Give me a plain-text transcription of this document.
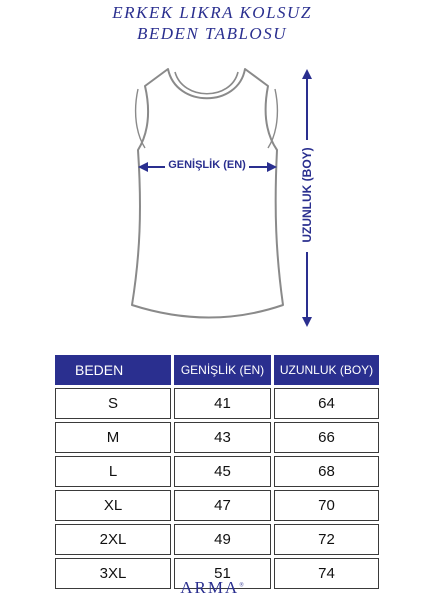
ERKEK LIKRA KOLSUZ
BEDEN TABLOSU
GENİŞLİK (EN)	UZUNLUK (BOY)
BEDEN	GENİŞLİK (EN)	UZUNLUK (BOY)
S	41	64
M	43	66
L	45	68
XL	47	70
2XL	49	72
3XL	51	74
ARMA®
